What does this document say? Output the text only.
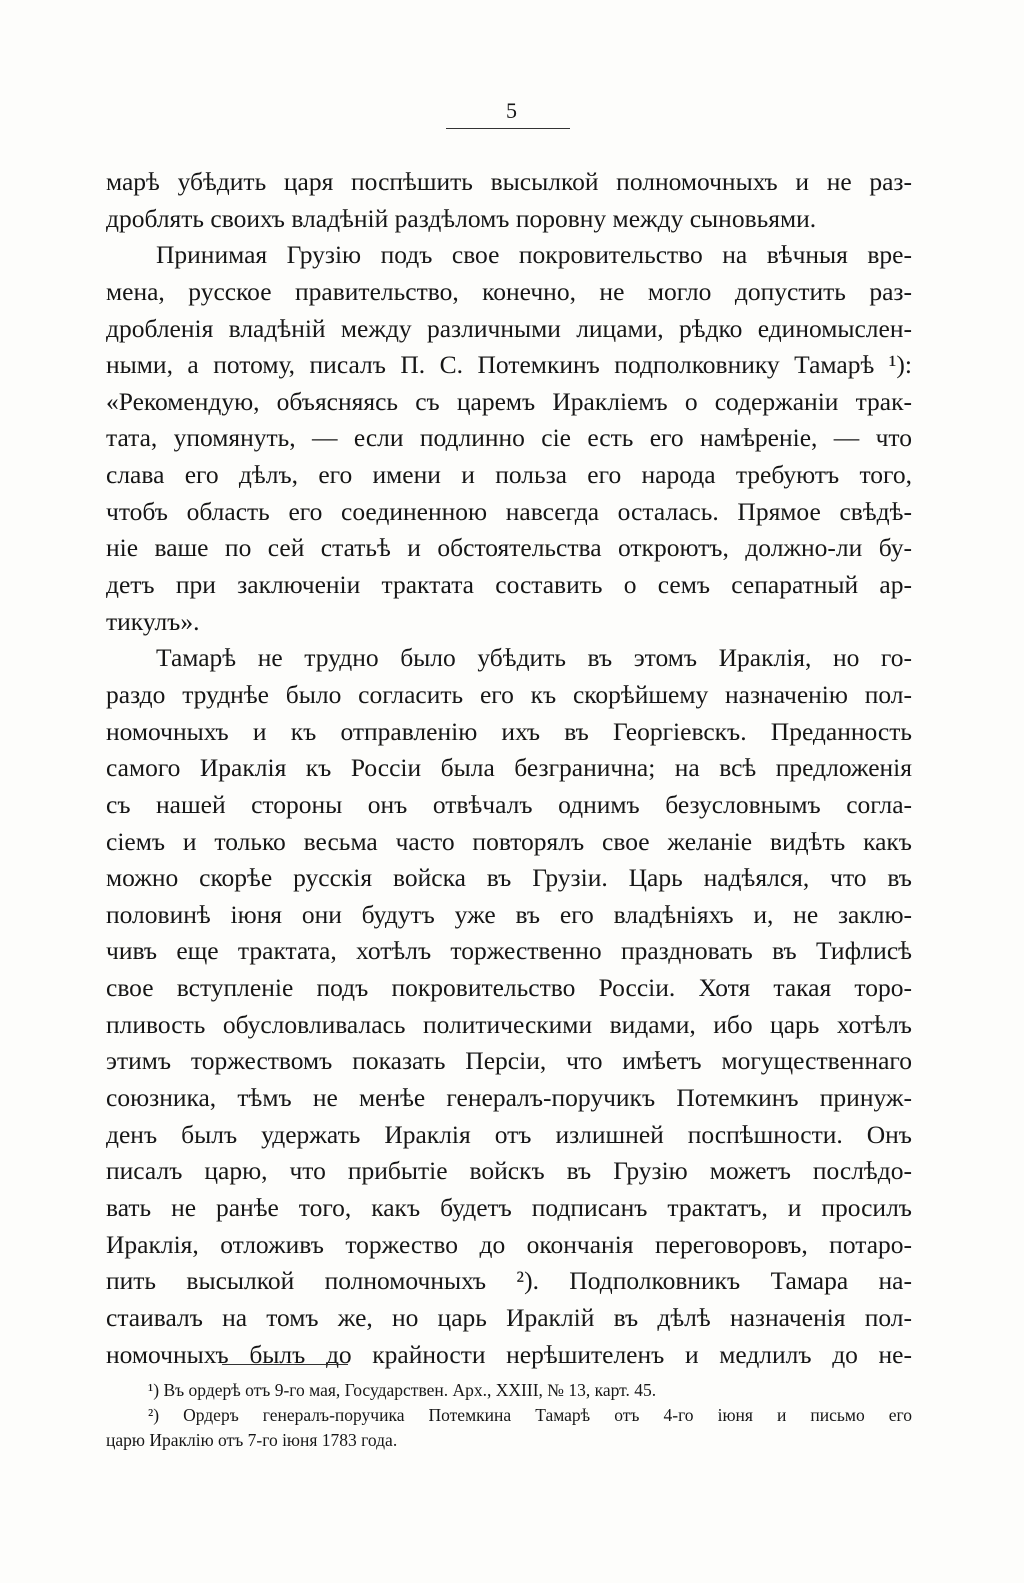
5
марѣ убѣдить царя поспѣшить высылкой полномочныхъ и не раз-
дроблять своихъ владѣній раздѣломъ поровну между сыновьями.
Принимая Грузію подъ свое покровительство на вѣчныя вре-
мена, русское правительство, конечно, не могло допустить раз-
дробленія владѣній между различными лицами, рѣдко единомыслен-
ными, а потому, писалъ П. С. Потемкинъ подполковнику Тамарѣ ¹):
«Рекомендую, объясняясь съ царемъ Ираклiемъ о содержаніи трак-
тата, упомянуть, — если подлинно сіе есть его намѣреніе, — что
слава его дѣлъ, его имени и польза его народа требуютъ того,
чтобъ область его соединенною навсегда осталась. Прямое свѣдѣ-
ніе ваше по сей статьѣ и обстоятельства откроютъ, должно-ли бу-
детъ при заключеніи трактата составить о семъ сепаратный ар-
тикулъ».
Тамарѣ не трудно было убѣдить въ этомъ Ираклія, но го-
раздо труднѣе было согласить его къ скорѣйшему назначенію пол-
номочныхъ и къ отправленію ихъ въ Георгіевскъ. Преданность
самого Ираклія къ Россіи была безгранична; на всѣ предложенія
съ нашей стороны онъ отвѣчалъ однимъ безусловнымъ согла-
сіемъ и только весьма часто повторялъ свое желаніе видѣть какъ
можно скорѣе русскія войска въ Грузіи. Царь надѣялся, что въ
половинѣ іюня они будутъ уже въ его владѣніяхъ и, не заклю-
чивъ еще трактата, хотѣлъ торжественно праздновать въ Тифлисѣ
свое вступленіе подъ покровительство Россіи. Хотя такая торо-
пливость обусловливалась политическими видами, ибо царь хотѣлъ
этимъ торжествомъ показать Персіи, что имѣетъ могущественнаго
союзника, тѣмъ не менѣе генералъ-поручикъ Потемкинъ принуж-
денъ былъ удержать Ираклія отъ излишней поспѣшности. Онъ
писалъ царю, что прибытіе войскъ въ Грузію можетъ послѣдо-
вать не ранѣе того, какъ будетъ подписанъ трактатъ, и просилъ
Ираклія, отложивъ торжество до окончанія переговоровъ, потаро-
пить высылкой полномочныхъ ²). Подполковникъ Тамара на-
стаивалъ на томъ же, но царь Ираклій въ дѣлѣ назначенія пол-
номочныхъ былъ до крайности нерѣшителенъ и медлилъ до не-
¹) Въ ордерѣ отъ 9-го мая, Государствен. Арх., XXIII, № 13, карт. 45.
²) Ордеръ генералъ-поручика Потемкина Тамарѣ отъ 4-го іюня и письмо его
царю Ираклію отъ 7-го іюня 1783 года.
